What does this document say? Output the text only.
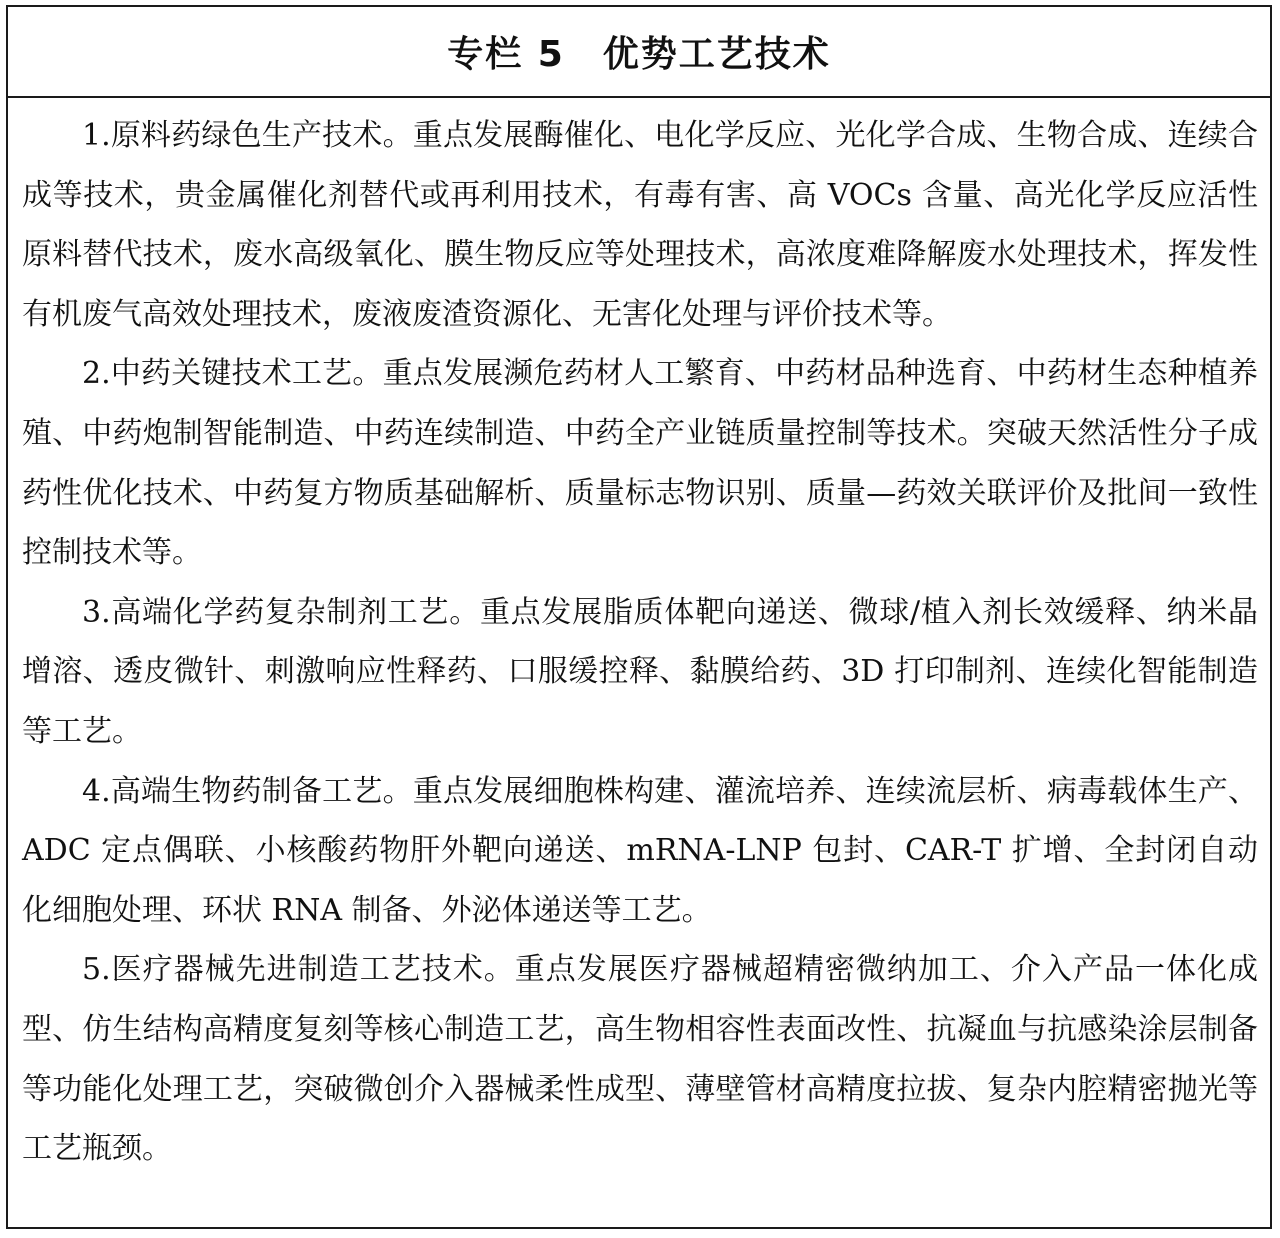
专栏 5　优势工艺技术

1.原料药绿色生产技术。重点发展酶催化、电化学反应、光化学合成、生物合成、连续合成等技术，贵金属催化剂替代或再利用技术，有毒有害、高 VOCs 含量、高光化学反应活性原料替代技术，废水高级氧化、膜生物反应等处理技术，高浓度难降解废水处理技术，挥发性有机废气高效处理技术，废液废渣资源化、无害化处理与评价技术等。

2.中药关键技术工艺。重点发展濒危药材人工繁育、中药材品种选育、中药材生态种植养殖、中药炮制智能制造、中药连续制造、中药全产业链质量控制等技术。突破天然活性分子成药性优化技术、中药复方物质基础解析、质量标志物识别、质量—药效关联评价及批间一致性控制技术等。

3.高端化学药复杂制剂工艺。重点发展脂质体靶向递送、微球/植入剂长效缓释、纳米晶增溶、透皮微针、刺激响应性释药、口服缓控释、黏膜给药、3D 打印制剂、连续化智能制造等工艺。

4.高端生物药制备工艺。重点发展细胞株构建、灌流培养、连续流层析、病毒载体生产、ADC 定点偶联、小核酸药物肝外靶向递送、mRNA-LNP 包封、CAR-T 扩增、全封闭自动化细胞处理、环状 RNA 制备、外泌体递送等工艺。

5.医疗器械先进制造工艺技术。重点发展医疗器械超精密微纳加工、介入产品一体化成型、仿生结构高精度复刻等核心制造工艺，高生物相容性表面改性、抗凝血与抗感染涂层制备等功能化处理工艺，突破微创介入器械柔性成型、薄壁管材高精度拉拔、复杂内腔精密抛光等工艺瓶颈。
